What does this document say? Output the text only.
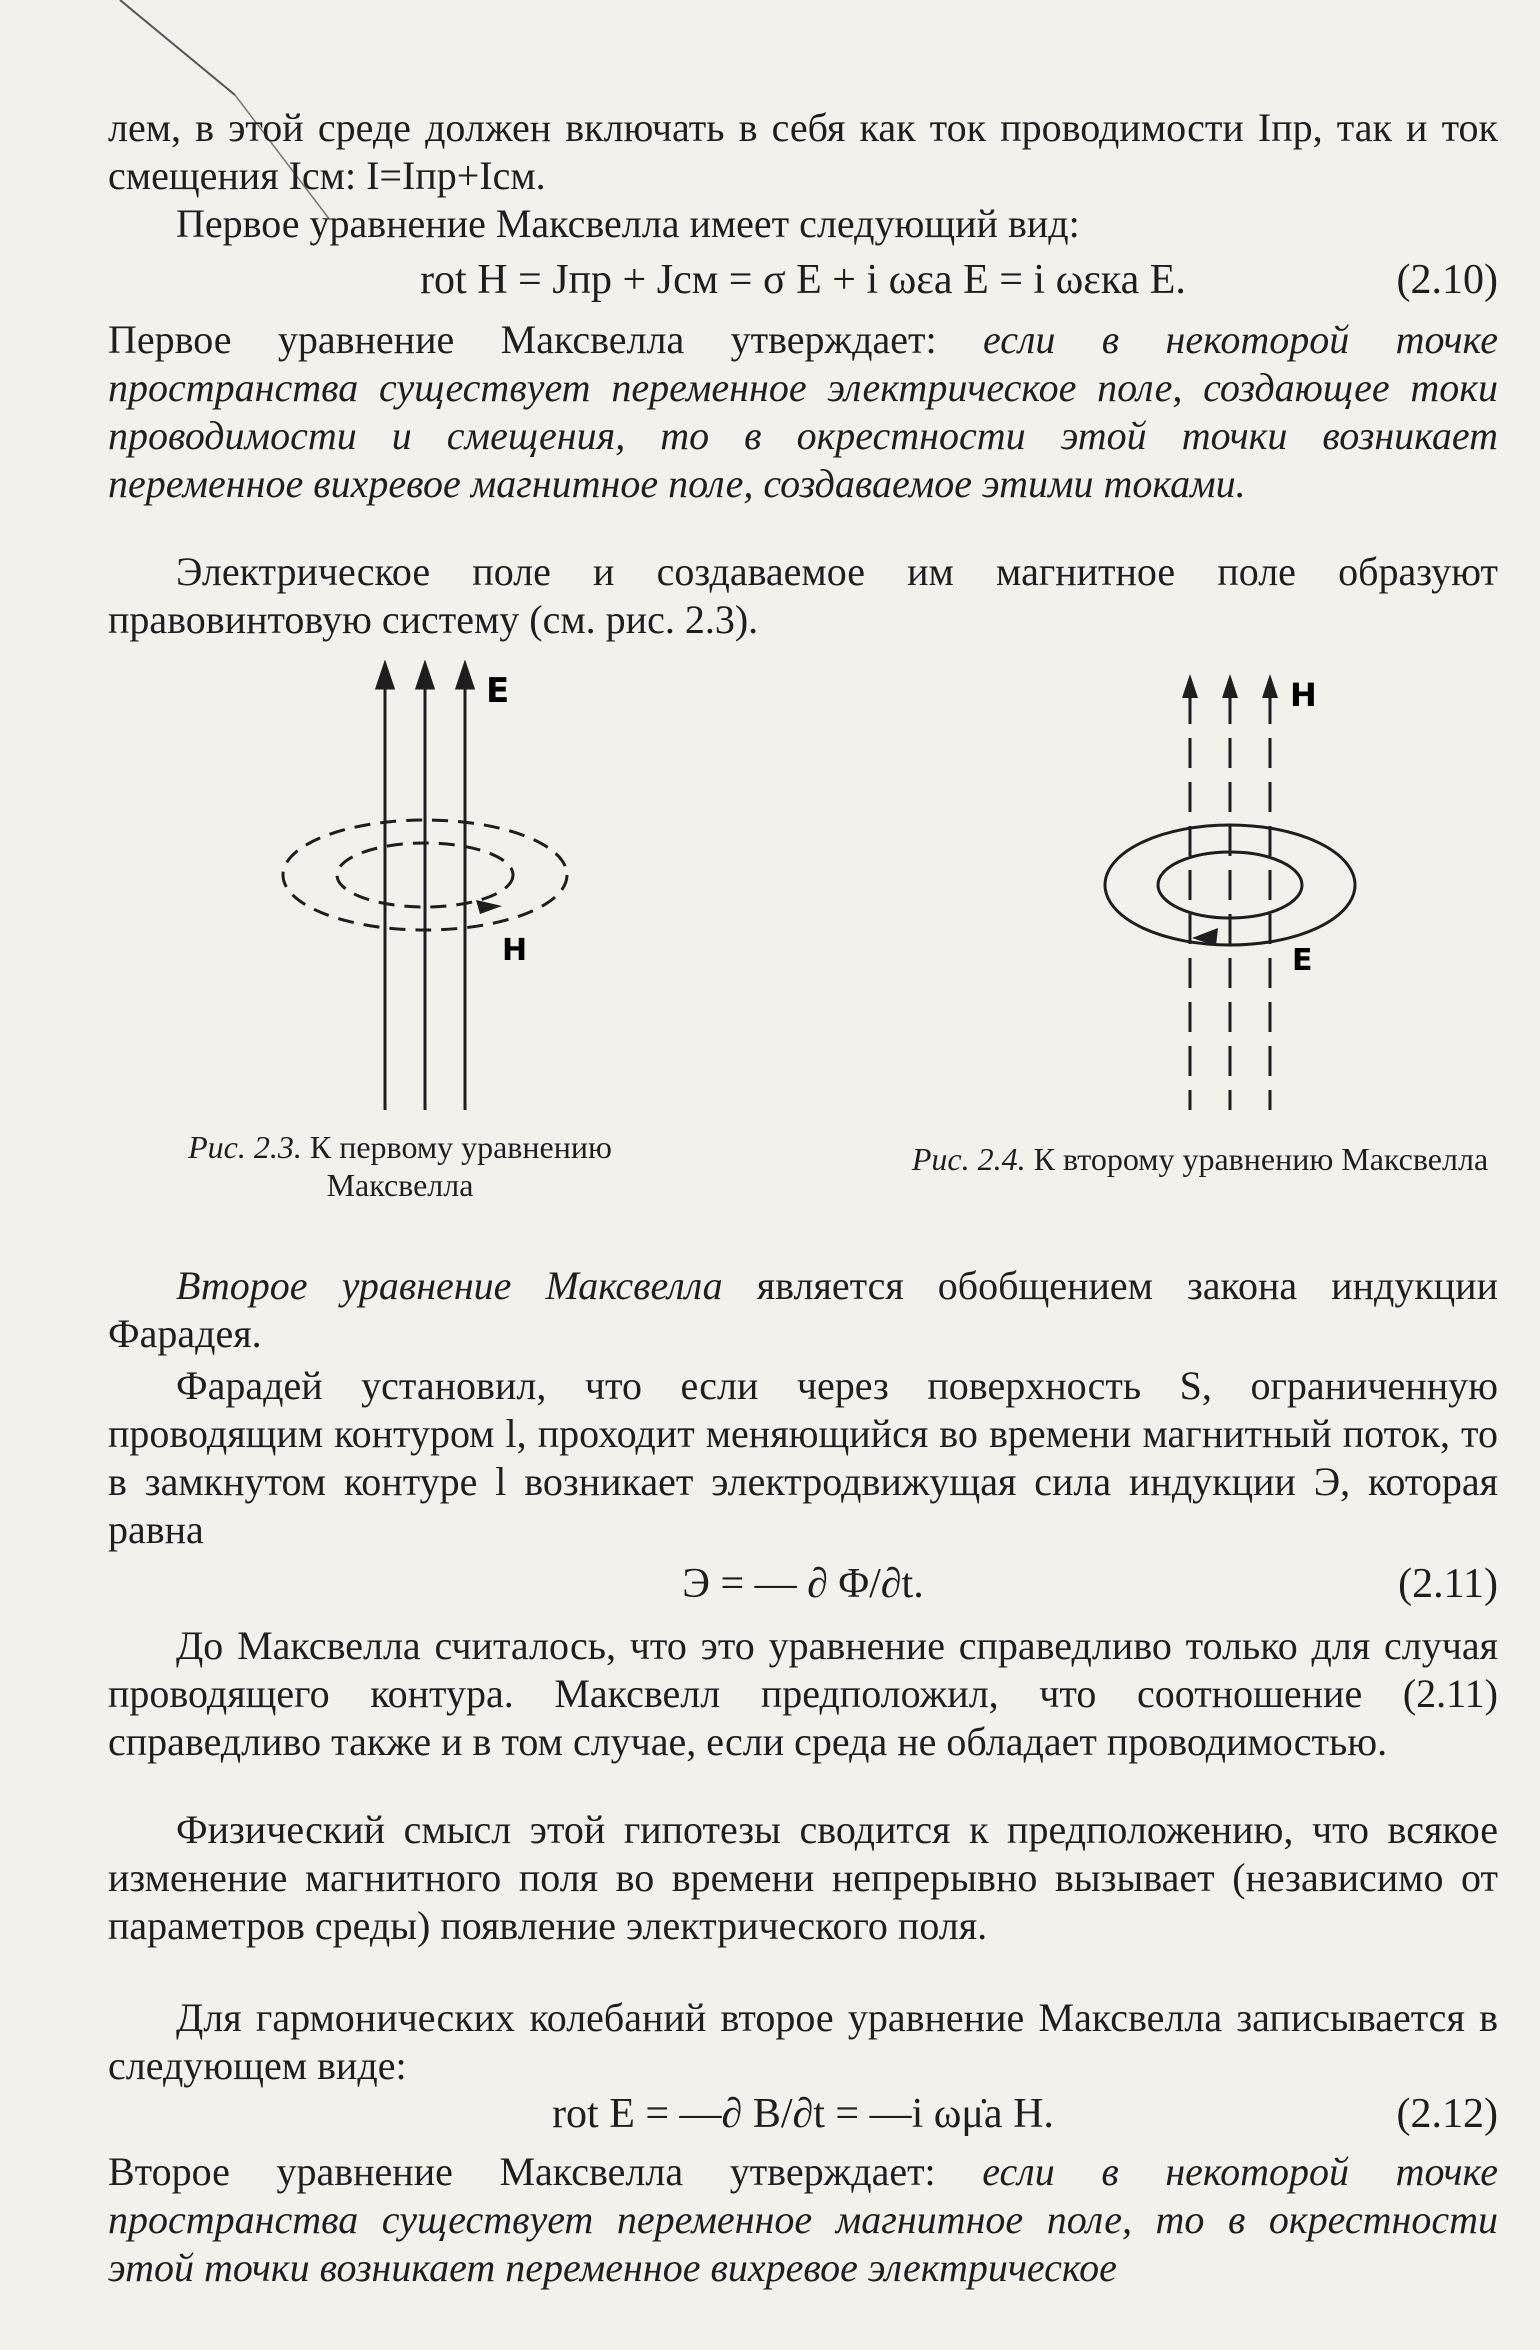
лем, в этой среде должен включать в себя как ток проводимости Iпр, так и ток смещения Iсм: I=Iпр+Iсм.

Первое уравнение Максвелла имеет следующий вид:

rot H = Jпр + Jсм = σ E + i ωεa E = i ωεка E.	(2.10)

Первое уравнение Максвелла утверждает: если в некоторой точке пространства существует переменное электрическое поле, создающее токи проводимости и смещения, то в окрестности этой точки возникает переменное вихревое магнитное поле, создаваемое этими токами.

Электрическое поле и создаваемое им магнитное поле образуют правовинтовую систему (см. рис. 2.3).

E
H
Рис. 2.3. К первому уравнению Максвелла
H
E
Рис. 2.4. К второму уравнению Максвелла

Второе уравнение Максвелла является обобщением закона индукции Фарадея.

Фарадей установил, что если через поверхность S, ограниченную проводящим контуром l, проходит меняющийся во времени магнитный поток, то в замкнутом контуре l возникает электродвижущая сила индукции Э, которая равна

Э = — ∂ Φ/∂t.	(2.11)

До Максвелла считалось, что это уравнение справедливо только для случая проводящего контура. Максвелл предположил, что соотношение (2.11) справедливо также и в том случае, если среда не обладает проводимостью.

Физический смысл этой гипотезы сводится к предположению, что всякое изменение магнитного поля во времени непрерывно вызывает (независимо от параметров среды) появление электрического поля.

Для гармонических колебаний второе уравнение Максвелла записывается в следующем виде:

rot E = —∂ B/∂t = —i ωμ̇a H.	(2.12)

Второе уравнение Максвелла утверждает: если в некоторой точке пространства существует переменное магнитное поле, то в окрестности этой точки возникает переменное вихревое электрическое
